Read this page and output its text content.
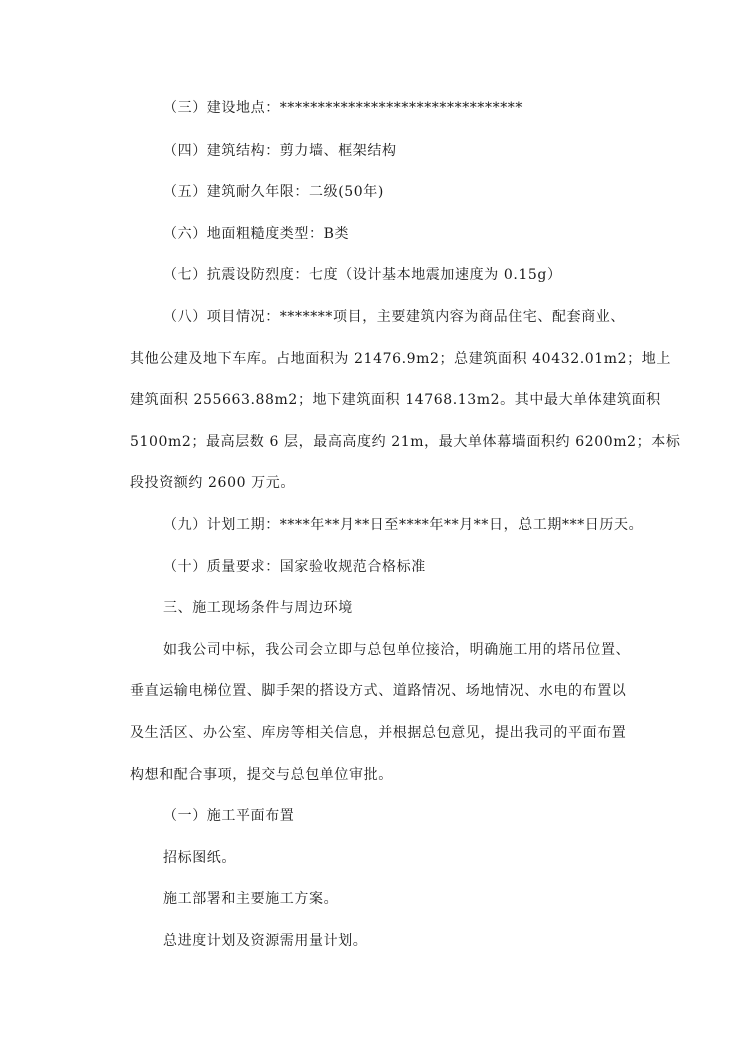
（三）建设地点：********************************
（四）建筑结构：剪力墙、框架结构
（五）建筑耐久年限：二级(50年)
（六）地面粗糙度类型：B类
（七）抗震设防烈度：七度（设计基本地震加速度为 0.15g）
（八）项目情况：*******项目，主要建筑内容为商品住宅、配套商业、
其他公建及地下车库。占地面积为 21476.9m2；总建筑面积 40432.01m2；地上
建筑面积 255663.88m2；地下建筑面积 14768.13m2。其中最大单体建筑面积
5100m2；最高层数 6 层，最高高度约 21m，最大单体幕墙面积约 6200m2；本标
段投资额约 2600 万元。
（九）计划工期：****年**月**日至****年**月**日，总工期***日历天。
（十）质量要求：国家验收规范合格标准
三、施工现场条件与周边环境
如我公司中标，我公司会立即与总包单位接洽，明确施工用的塔吊位置、
垂直运输电梯位置、脚手架的搭设方式、道路情况、场地情况、水电的布置以
及生活区、办公室、库房等相关信息，并根据总包意见，提出我司的平面布置
构想和配合事项，提交与总包单位审批。
（一）施工平面布置
招标图纸。
施工部署和主要施工方案。
总进度计划及资源需用量计划。
